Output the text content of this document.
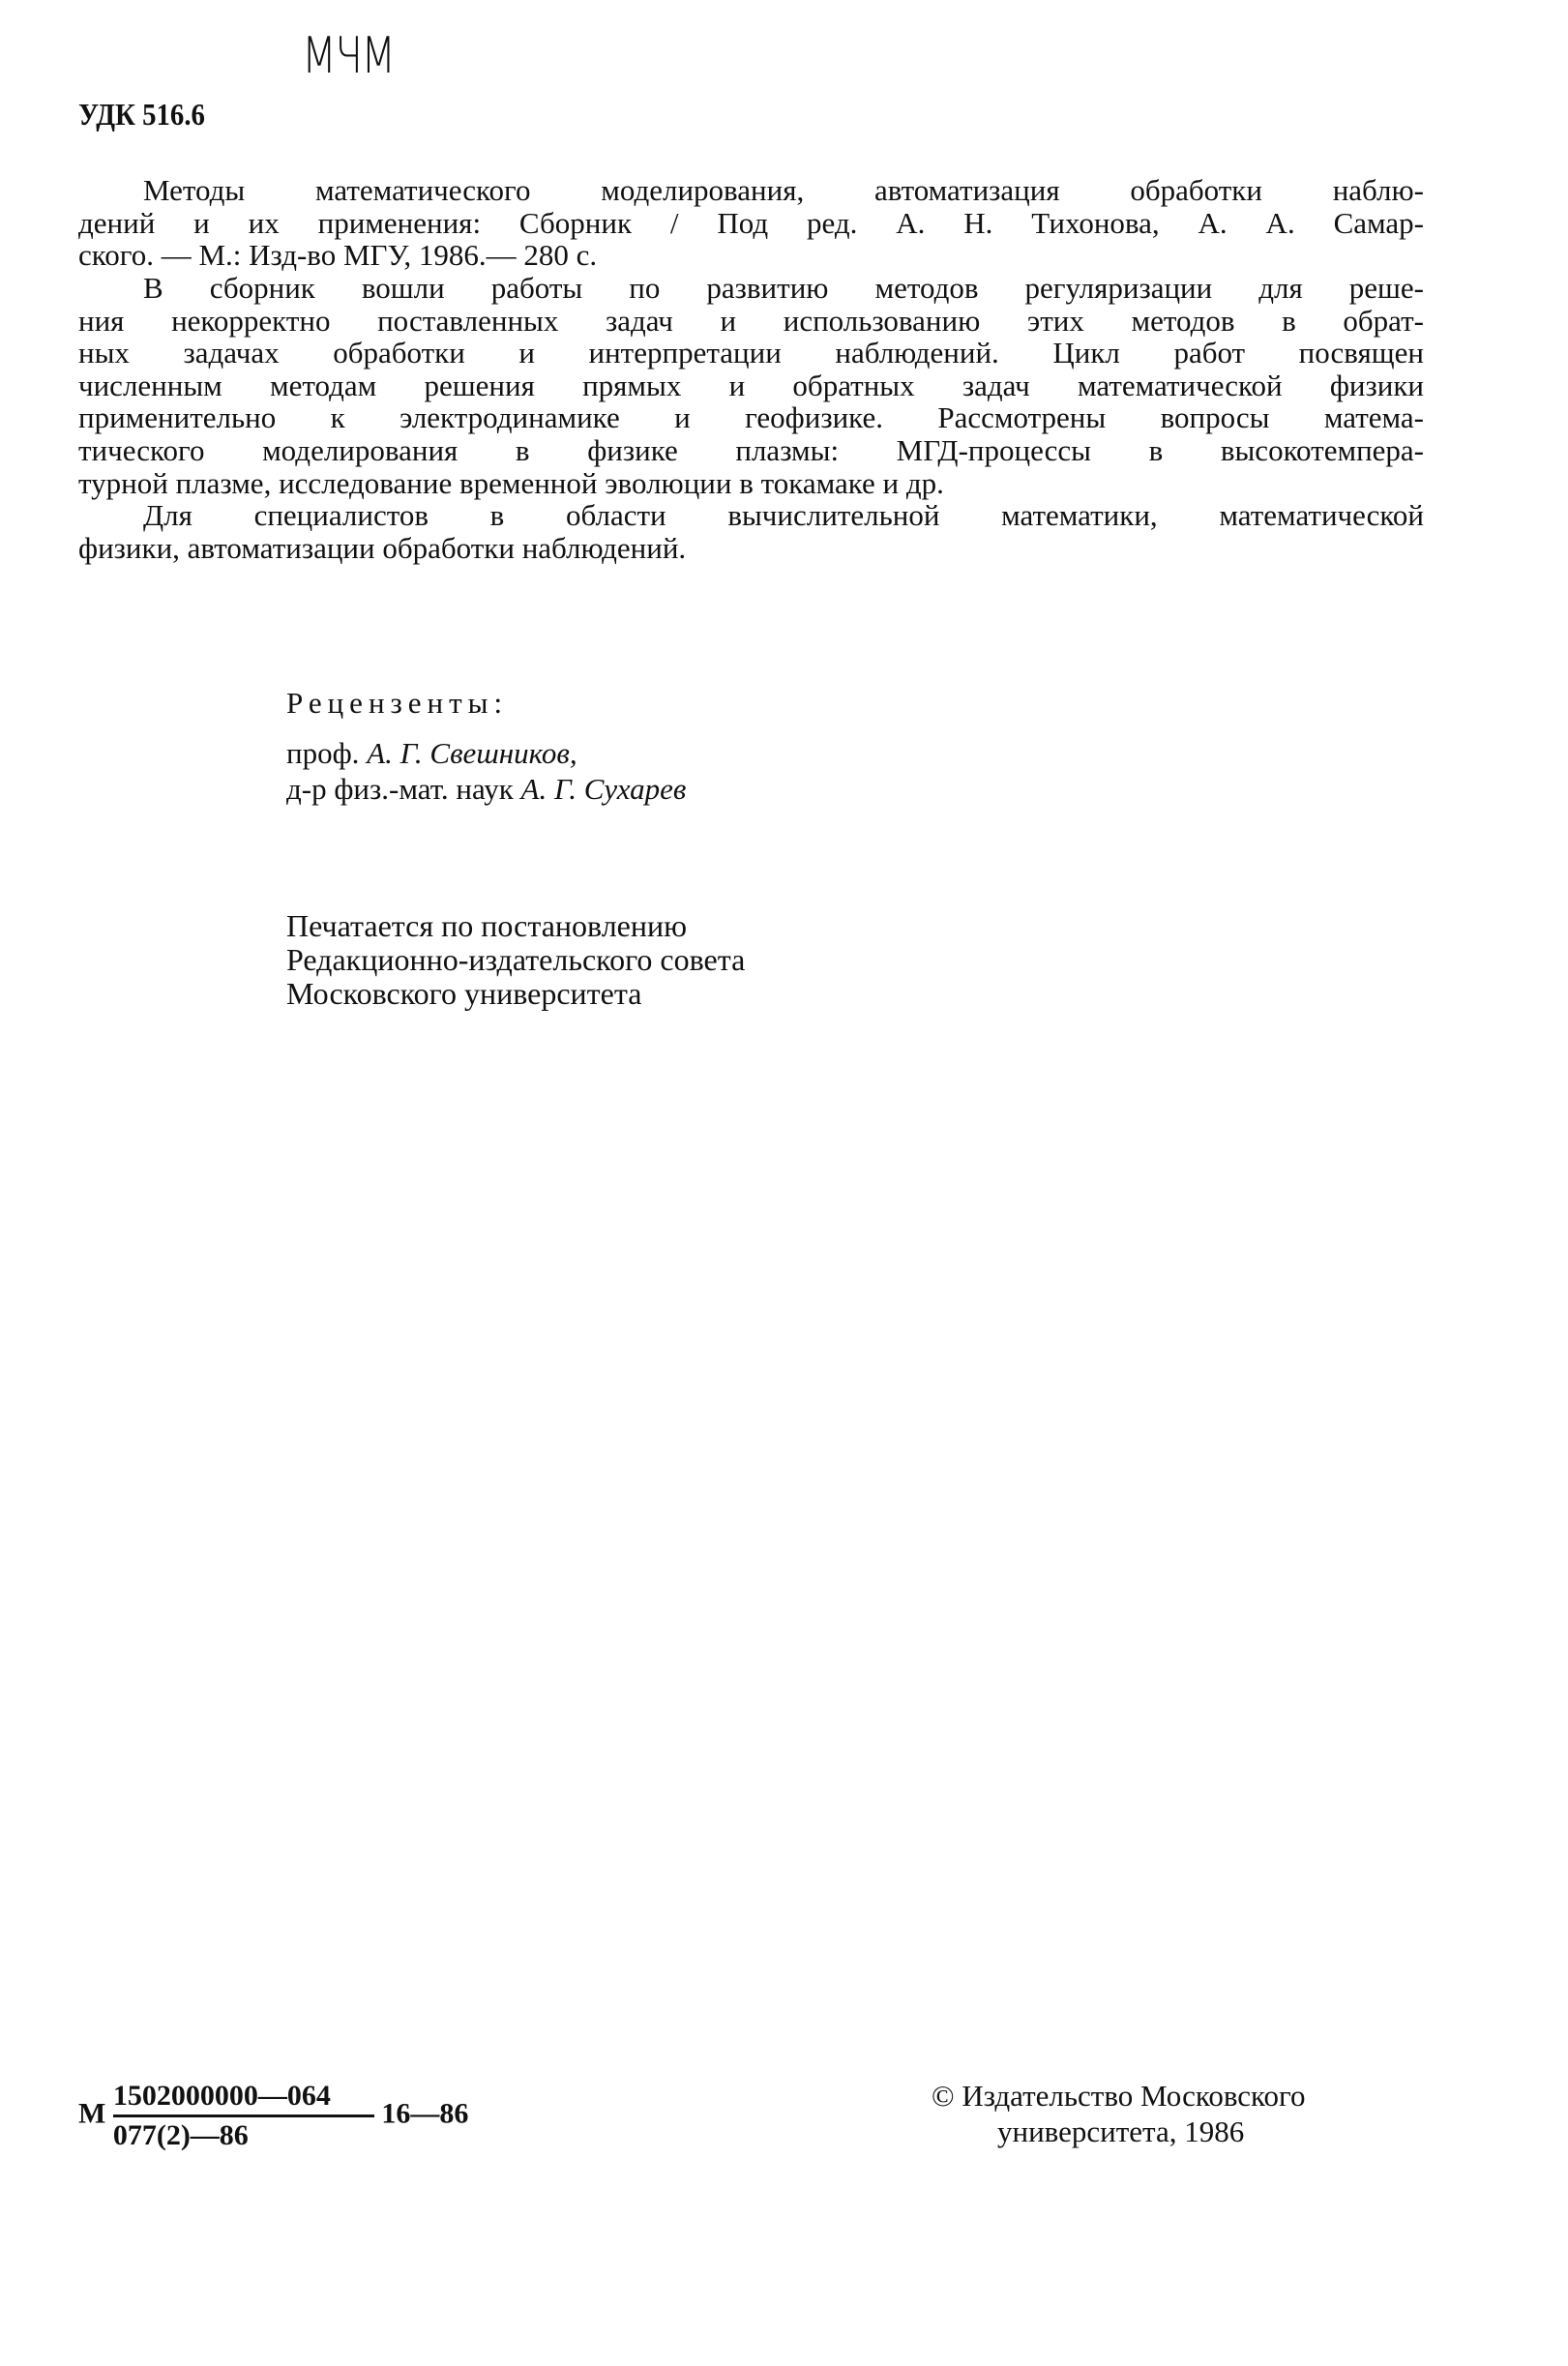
МЧМ
УДК 516.6
Методы математического моделирования, автоматизация обработки наблю-
дений и их применения: Сборник / Под ред. А. Н. Тихонова, А. А. Самар-
ского. — М.: Изд-во МГУ, 1986.— 280 с.
В сборник вошли работы по развитию методов регуляризации для реше-
ния некорректно поставленных задач и использованию этих методов в обрат-
ных задачах обработки и интерпретации наблюдений. Цикл работ посвящен
численным методам решения прямых и обратных задач математической физики
применительно к электродинамике и геофизике. Рассмотрены вопросы матема-
тического моделирования в физике плазмы: МГД-процессы в высокотемпера-
турной плазме, исследование временной эволюции в токамаке и др.
Для специалистов в области вычислительной математики, математической
физики, автоматизации обработки наблюдений.
Рецензенты:
проф. А. Г. Свешников,
д-р физ.-мат. наук А. Г. Сухарев
Печатается по постановлению
Редакционно-издательского совета
Московского университета
М $\frac{1502000000—064}{077(2)—86}$ 16—86
© Издательство Московского
университета, 1986
